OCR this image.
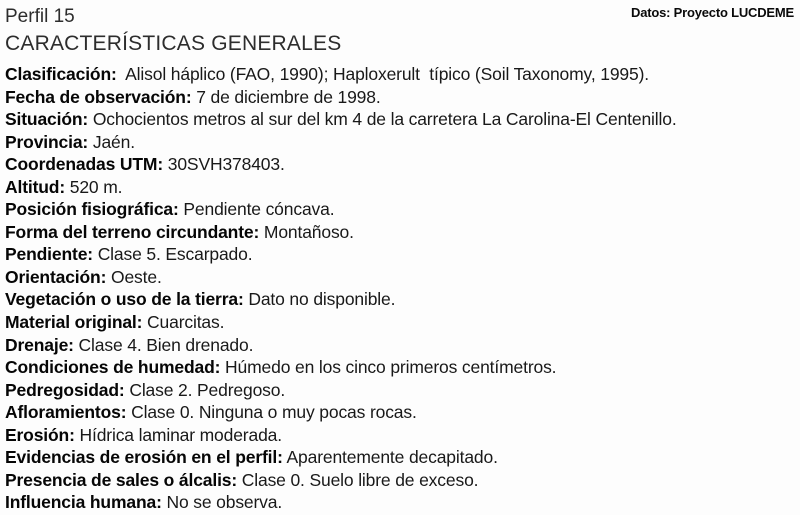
Perfil 15	Datos: Proyecto LUCDEME
CARACTERÍSTICAS GENERALES
Clasificación:  Alisol háplico (FAO, 1990); Haploxerult  típico (Soil Taxonomy, 1995).
Fecha de observación: 7 de diciembre de 1998.
Situación: Ochocientos metros al sur del km 4 de la carretera La Carolina-El Centenillo.
Provincia: Jaén.
Coordenadas UTM: 30SVH378403.
Altitud: 520 m.
Posición fisiográfica: Pendiente cóncava.
Forma del terreno circundante: Montañoso.
Pendiente: Clase 5. Escarpado.
Orientación: Oeste.
Vegetación o uso de la tierra: Dato no disponible.
Material original: Cuarcitas.
Drenaje: Clase 4. Bien drenado.
Condiciones de humedad: Húmedo en los cinco primeros centímetros.
Pedregosidad: Clase 2. Pedregoso.
Afloramientos: Clase 0. Ninguna o muy pocas rocas.
Erosión: Hídrica laminar moderada.
Evidencias de erosión en el perfil: Aparentemente decapitado.
Presencia de sales o álcalis: Clase 0. Suelo libre de exceso.
Influencia humana: No se observa.
